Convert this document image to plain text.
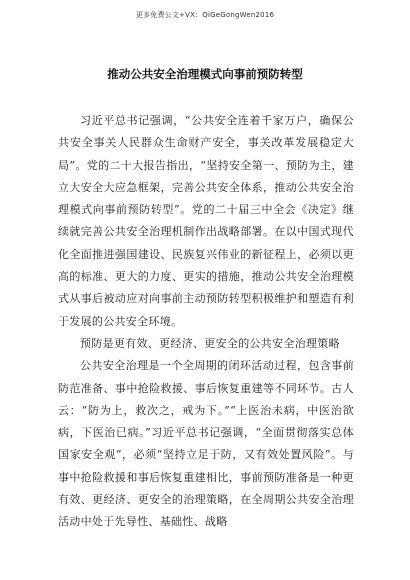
更多免费公文+VX：QiGeGongWen2016
推动公共安全治理模式向事前预防转型

习近平总书记强调，“公共安全连着千家万户，确保公共安全事关人民群众生命财产安全，事关改革发展稳定大局”。党的二十大报告指出，“坚持安全第一、预防为主，建立大安全大应急框架，完善公共安全体系，推动公共安全治理模式向事前预防转型”。党的二十届三中全会《决定》继续就完善公共安全治理机制作出战略部署。在以中国式现代化全面推进强国建设、民族复兴伟业的新征程上，必须以更高的标准、更大的力度、更实的措施，推动公共安全治理模式从事后被动应对向事前主动预防转型积极维护和塑造有利于发展的公共安全环境。

预防是更有效、更经济、更安全的公共安全治理策略

公共安全治理是一个全周期的闭环活动过程，包含事前防范准备、事中抢险救援、事后恢复重建等不同环节。古人云：“防为上，救次之，戒为下。”“上医治未病，中医治欲病，下医治已病。”习近平总书记强调，“全面贯彻落实总体国家安全观”，必须“坚持立足于防，又有效处置风险”。与事中抢险救援和事后恢复重建相比，事前预防准备是一种更有效、更经济、更安全的治理策略，在全周期公共安全治理活动中处于先导性、基础性、战略
